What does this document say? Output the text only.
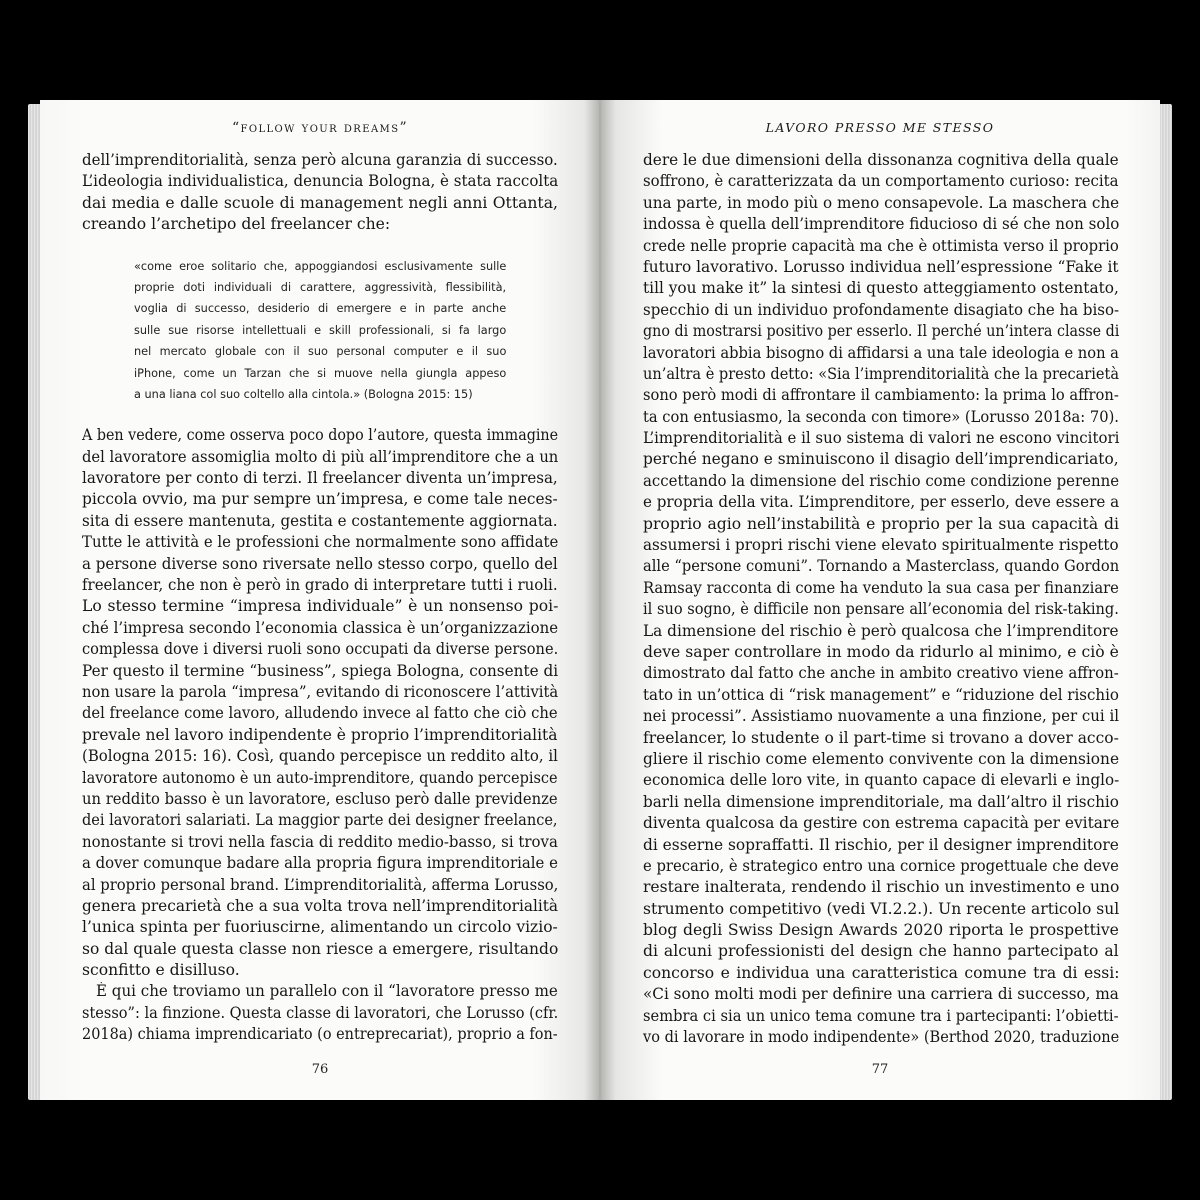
“follow your dreams”
dell’imprenditorialità, senza però alcuna garanzia di successo.
L’ideologia individualistica, denuncia Bologna, è stata raccolta
dai media e dalle scuole di management negli anni Ottanta,
creando l’archetipo del freelancer che:
«come eroe solitario che, appoggiandosi esclusivamente sulle
proprie doti individuali di carattere, aggressività, flessibilità,
voglia di successo, desiderio di emergere e in parte anche
sulle sue risorse intellettuali e skill professionali, si fa largo
nel mercato globale con il suo personal computer e il suo
iPhone, come un Tarzan che si muove nella giungla appeso
a una liana col suo coltello alla cintola.» (Bologna 2015: 15)
A ben vedere, come osserva poco dopo l’autore, questa immagine
del lavoratore assomiglia molto di più all’imprenditore che a un
lavoratore per conto di terzi. Il freelancer diventa un’impresa,
piccola ovvio, ma pur sempre un’impresa, e come tale neces-
sita di essere mantenuta, gestita e costantemente aggiornata.
Tutte le attività e le professioni che normalmente sono affidate
a persone diverse sono riversate nello stesso corpo, quello del
freelancer, che non è però in grado di interpretare tutti i ruoli.
Lo stesso termine “impresa individuale” è un nonsenso poi-
ché l’impresa secondo l’economia classica è un’organizzazione
complessa dove i diversi ruoli sono occupati da diverse persone.
Per questo il termine “business”, spiega Bologna, consente di
non usare la parola “impresa”, evitando di riconoscere l’attività
del freelance come lavoro, alludendo invece al fatto che ciò che
prevale nel lavoro indipendente è proprio l’imprenditorialità
(Bologna 2015: 16). Così, quando percepisce un reddito alto, il
lavoratore autonomo è un auto-imprenditore, quando percepisce
un reddito basso è un lavoratore, escluso però dalle previdenze
dei lavoratori salariati. La maggior parte dei designer freelance,
nonostante si trovi nella fascia di reddito medio-basso, si trova
a dover comunque badare alla propria figura imprenditoriale e
al proprio personal brand. L’imprenditorialità, afferma Lorusso,
genera precarietà che a sua volta trova nell’imprenditorialità
l’unica spinta per fuoriuscirne, alimentando un circolo vizio-
so dal quale questa classe non riesce a emergere, risultando
sconfitto e disilluso.
È qui che troviamo un parallelo con il “lavoratore presso me
stesso”: la finzione. Questa classe di lavoratori, che Lorusso (cfr.
2018a) chiama imprendicariato (o entreprecariat), proprio a fon-
76
LAVORO PRESSO ME STESSO
dere le due dimensioni della dissonanza cognitiva della quale
soffrono, è caratterizzata da un comportamento curioso: recita
una parte, in modo più o meno consapevole. La maschera che
indossa è quella dell’imprenditore fiducioso di sé che non solo
crede nelle proprie capacità ma che è ottimista verso il proprio
futuro lavorativo. Lorusso individua nell’espressione “Fake it
till you make it” la sintesi di questo atteggiamento ostentato,
specchio di un individuo profondamente disagiato che ha biso-
gno di mostrarsi positivo per esserlo. Il perché un’intera classe di
lavoratori abbia bisogno di affidarsi a una tale ideologia e non a
un’altra è presto detto: «Sia l’imprenditorialità che la precarietà
sono però modi di affrontare il cambiamento: la prima lo affron-
ta con entusiasmo, la seconda con timore» (Lorusso 2018a: 70).
L’imprenditorialità e il suo sistema di valori ne escono vincitori
perché negano e sminuiscono il disagio dell’imprendicariato,
accettando la dimensione del rischio come condizione perenne
e propria della vita. L’imprenditore, per esserlo, deve essere a
proprio agio nell’instabilità e proprio per la sua capacità di
assumersi i propri rischi viene elevato spiritualmente rispetto
alle “persone comuni”. Tornando a Masterclass, quando Gordon
Ramsay racconta di come ha venduto la sua casa per finanziare
il suo sogno, è difficile non pensare all’economia del risk-taking.
La dimensione del rischio è però qualcosa che l’imprenditore
deve saper controllare in modo da ridurlo al minimo, e ciò è
dimostrato dal fatto che anche in ambito creativo viene affron-
tato in un’ottica di “risk management” e “riduzione del rischio
nei processi”. Assistiamo nuovamente a una finzione, per cui il
freelancer, lo studente o il part-time si trovano a dover acco-
gliere il rischio come elemento convivente con la dimensione
economica delle loro vite, in quanto capace di elevarli e inglo-
barli nella dimensione imprenditoriale, ma dall’altro il rischio
diventa qualcosa da gestire con estrema capacità per evitare
di esserne sopraffatti. Il rischio, per il designer imprenditore
e precario, è strategico entro una cornice progettuale che deve
restare inalterata, rendendo il rischio un investimento e uno
strumento competitivo (vedi VI.2.2.). Un recente articolo sul
blog degli Swiss Design Awards 2020 riporta le prospettive
di alcuni professionisti del design che hanno partecipato al
concorso e individua una caratteristica comune tra di essi:
«Ci sono molti modi per definire una carriera di successo, ma
sembra ci sia un unico tema comune tra i partecipanti: l’obietti-
vo di lavorare in modo indipendente» (Berthod 2020, traduzione
77
